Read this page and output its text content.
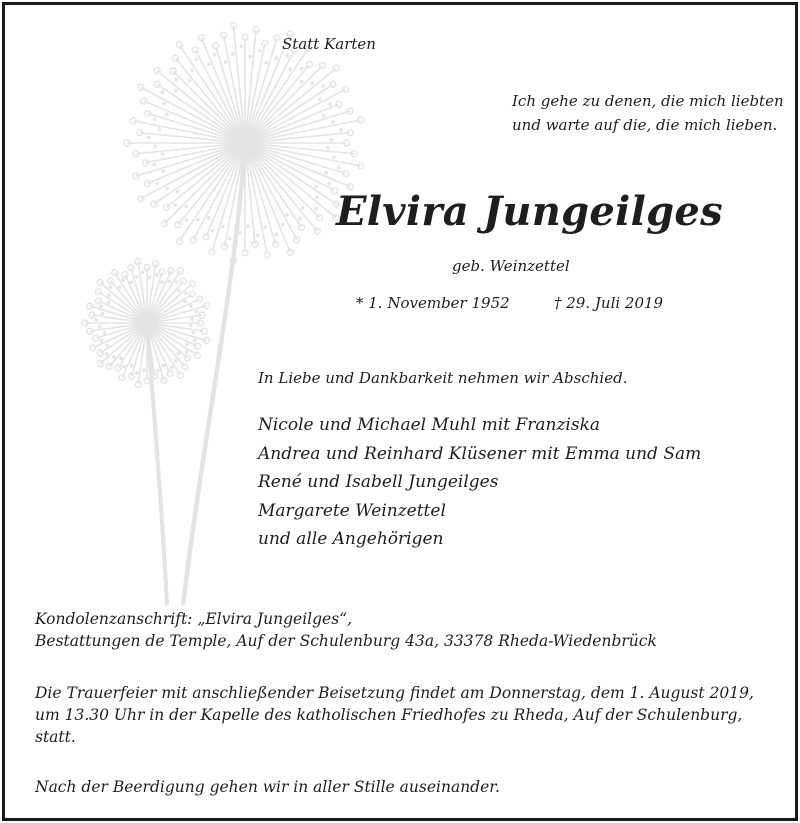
Statt Karten
Ich gehe zu denen, die mich liebten
und warte auf die, die mich lieben.
Elvira Jungeilges
geb. Weinzettel
* 1. November 1952	† 29. Juli 2019
In Liebe und Dankbarkeit nehmen wir Abschied.
Nicole und Michael Muhl mit Franziska
Andrea und Reinhard Klüsener mit Emma und Sam
René und Isabell Jungeilges
Margarete Weinzettel
und alle Angehörigen
Kondolenzanschrift: „Elvira Jungeilges“,
Bestattungen de Temple, Auf der Schulenburg 43a, 33378 Rheda-Wiedenbrück
Die Trauerfeier mit anschließender Beisetzung findet am Donnerstag, dem 1. August 2019,
um 13.30 Uhr in der Kapelle des katholischen Friedhofes zu Rheda, Auf der Schulenburg,
statt.
Nach der Beerdigung gehen wir in aller Stille auseinander.
